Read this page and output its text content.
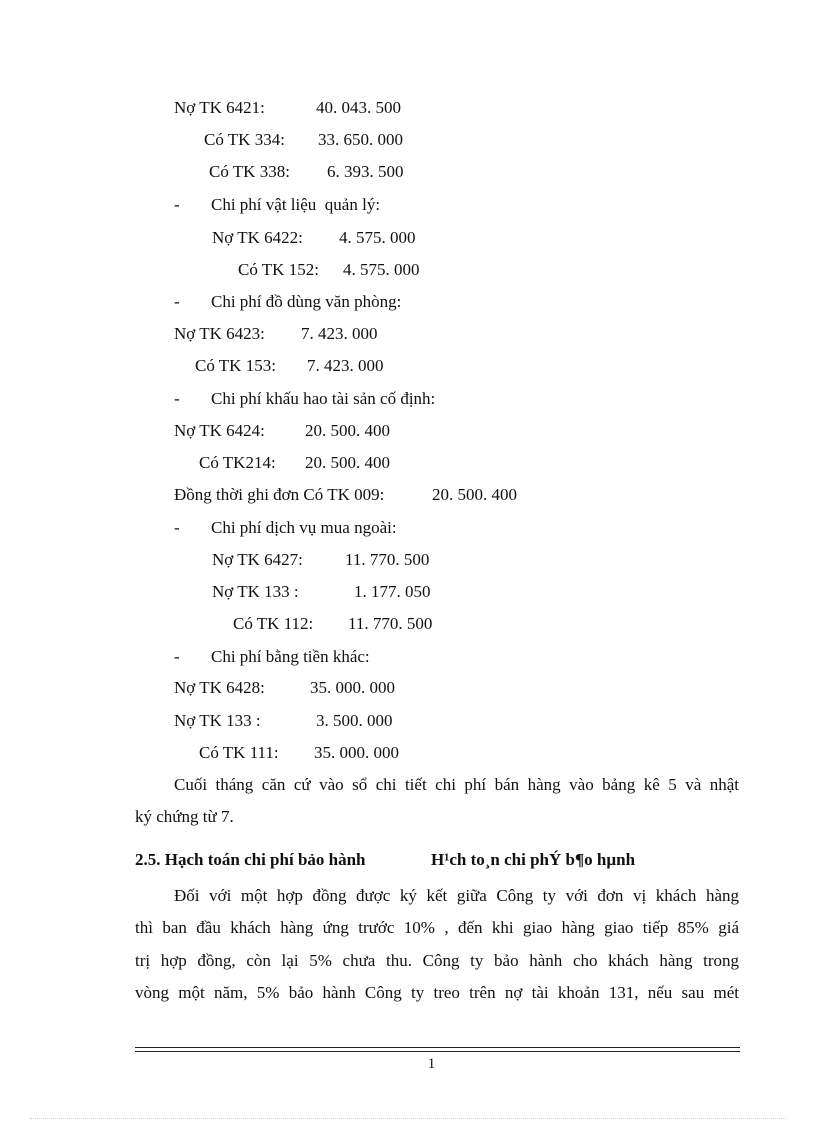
Nợ TK 6421:	40. 043. 500
Có TK 334: 33. 650. 000
Có TK 338: 6. 393. 500
- Chi phí vật liệu  quản lý:
Nợ TK 6422: 4. 575. 000
Có TK 152: 4. 575. 000
- Chi phí đồ dùng văn phòng:
Nợ TK 6423: 7. 423. 000
Có TK 153: 7. 423. 000
- Chi phí khấu hao tài sản cố định:
Nợ TK 6424: 20. 500. 400
Có TK214: 20. 500. 400
Đồng thời ghi đơn Có TK 009:	20. 500. 400
- Chi phí dịch vụ mua ngoài:
Nợ TK 6427: 11. 770. 500
Nợ TK 133 :	1. 177. 050
Có TK 112: 11. 770. 500
- Chi phí bằng tiền khác:
Nợ TK 6428:	35. 000. 000
Nợ TK 133 :	3. 500. 000
Có TK 111: 35. 000. 000
Cuối tháng căn cứ vào sổ chi tiết chi phí bán hàng vào bảng kê 5 và nhật
ký chứng từ 7.
2.5. Hạch toán chi phí bảo hành	H¹ch to¸n chi phÝ b¶o hµnh
Đối với một hợp đồng được ký kết giữa Công ty với đơn vị khách hàng
thì ban đầu khách hàng ứng trước 10% , đến khi giao hàng giao tiếp 85% giá
trị hợp đồng, còn lại 5% chưa thu. Công ty bảo hành cho khách hàng trong
vòng một năm, 5% bảo hành Công ty treo trên nợ tài khoản 131, nếu sau mét
1
